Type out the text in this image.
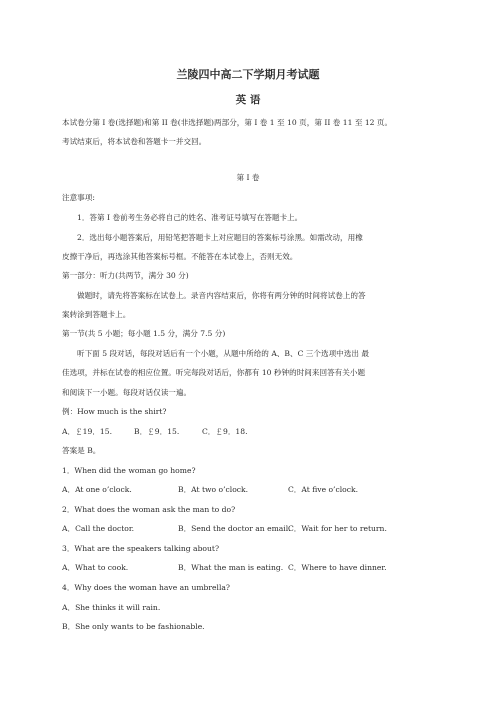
兰陵四中高二下学期月考试题
英 语
本试卷分第 I 卷(选择题)和第 II 卷(非选择题)两部分，第 I 卷 1 至 10 页，第 II 卷 11 至 12 页。
考试结束后，将本试卷和答题卡一并交回。
第 I 卷
注意事项:
1．答第 I 卷前考生务必将自己的姓名、准考证号填写在答题卡上。
2．选出每小题答案后，用铅笔把答题卡上对应题目的答案标号涂黑。如需改动，用橡
皮擦干净后，再选涂其他答案标号框。不能答在本试卷上，否则无效。
第一部分：听力(共两节，满分 30 分)
做题时，请先将答案标在试卷上。录音内容结束后，你将有两分钟的时间将试卷上的答
案转涂到答题卡上。
第一节(共 5 小题；每小题 1.5 分，满分 7.5 分)
听下面 5 段对话，每段对话后有一个小题，从题中所给的 A、B、C 三个选项中选出 最
佳选项，并标在试卷的相应位置。听完每段对话后，你都有 10 秒钟的时间来回答有关小题
和阅读下一小题。每段对话仅读一遍。
例：How much is the shirt?
A．￡19．15.	B．￡9．15.	C．￡9．18.
答案是 B。
1．When did the woman go home?
A．At one o’clock.	B．At two o’clock.	C．At five o’clock.
2．What does the woman ask the man to do?
A．Call the doctor.	B．Send the doctor an email.
C．Wait for her to return.
3．What are the speakers talking about?
A．What to cook.	B．What the man is eating. C．Where to have dinner.
4．Why does the woman have an umbrella?
A．She thinks it will rain.
B．She only wants to be fashionable.
